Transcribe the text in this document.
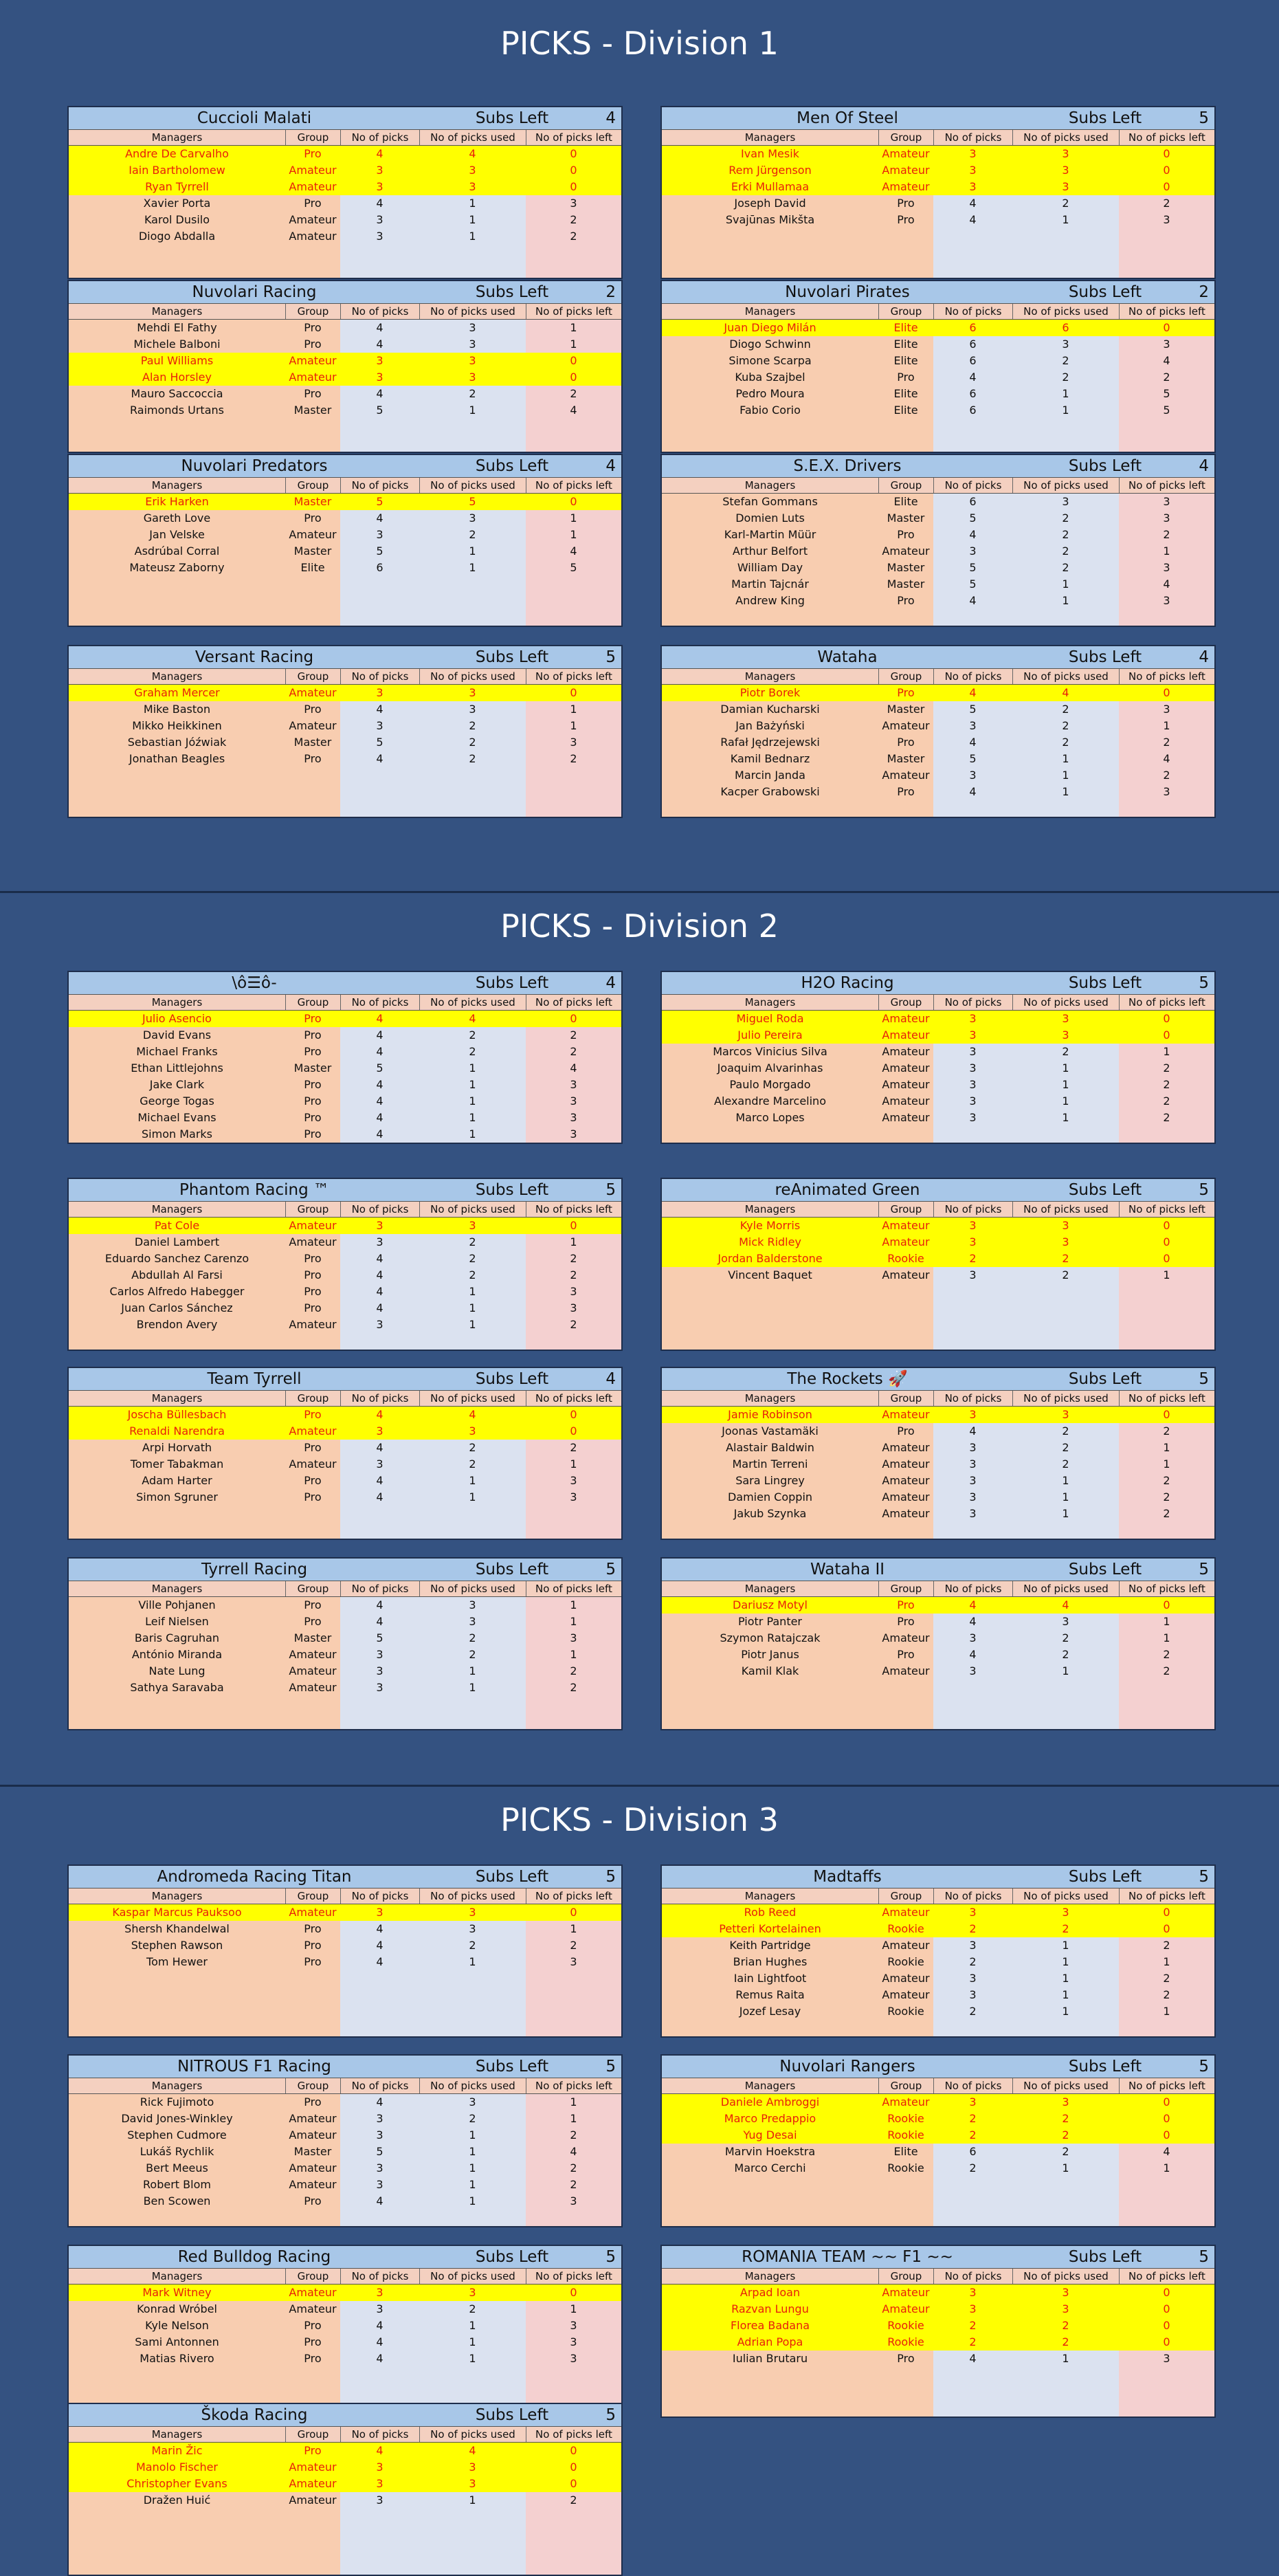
PICKS - Division 1
Cuccioli Malati	Subs Left	4
Managers	Group	No of picks	No of picks used	No of picks left
Andre De Carvalho	Pro	4	4	0
Iain Bartholomew	Amateur	3	3	0
Ryan Tyrrell	Amateur	3	3	0
Xavier Porta	Pro	4	1	3
Karol Dusilo	Amateur	3	1	2
Diogo Abdalla	Amateur	3	1	2
Men Of Steel	Subs Left	5
Managers	Group	No of picks	No of picks used	No of picks left
Ivan Mesik	Amateur	3	3	0
Rem Jürgenson	Amateur	3	3	0
Erki Mullamaa	Amateur	3	3	0
Joseph David	Pro	4	2	2
Svajūnas Mikšta	Pro	4	1	3
Nuvolari Racing	Subs Left	2
Managers	Group	No of picks	No of picks used	No of picks left
Mehdi El Fathy	Pro	4	3	1
Michele Balboni	Pro	4	3	1
Paul Williams	Amateur	3	3	0
Alan Horsley	Amateur	3	3	0
Mauro Saccoccia	Pro	4	2	2
Raimonds Urtans	Master	5	1	4
Nuvolari Pirates	Subs Left	2
Managers	Group	No of picks	No of picks used	No of picks left
Juan Diego Milán	Elite	6	6	0
Diogo Schwinn	Elite	6	3	3
Simone Scarpa	Elite	6	2	4
Kuba Szajbel	Pro	4	2	2
Pedro Moura	Elite	6	1	5
Fabio Corio	Elite	6	1	5
Nuvolari Predators	Subs Left	4
Managers	Group	No of picks	No of picks used	No of picks left
Erik Harken	Master	5	5	0
Gareth Love	Pro	4	3	1
Jan Velske	Amateur	3	2	1
Asdrúbal Corral	Master	5	1	4
Mateusz Zaborny	Elite	6	1	5
S.E.X. Drivers	Subs Left	4
Managers	Group	No of picks	No of picks used	No of picks left
Stefan Gommans	Elite	6	3	3
Domien Luts	Master	5	2	3
Karl-Martin Müür	Pro	4	2	2
Arthur Belfort	Amateur	3	2	1
William Day	Master	5	2	3
Martin Tajcnár	Master	5	1	4
Andrew King	Pro	4	1	3
Versant Racing	Subs Left	5
Managers	Group	No of picks	No of picks used	No of picks left
Graham Mercer	Amateur	3	3	0
Mike Baston	Pro	4	3	1
Mikko Heikkinen	Amateur	3	2	1
Sebastian Jóźwiak	Master	5	2	3
Jonathan Beagles	Pro	4	2	2
Wataha	Subs Left	4
Managers	Group	No of picks	No of picks used	No of picks left
Piotr Borek	Pro	4	4	0
Damian Kucharski	Master	5	2	3
Jan Bażyński	Amateur	3	2	1
Rafał Jędrzejewski	Pro	4	2	2
Kamil Bednarz	Master	5	1	4
Marcin Janda	Amateur	3	1	2
Kacper Grabowski	Pro	4	1	3
PICKS - Division 2
\ô☰ô-	Subs Left	4
Managers	Group	No of picks	No of picks used	No of picks left
Julio Asencio	Pro	4	4	0
David Evans	Pro	4	2	2
Michael Franks	Pro	4	2	2
Ethan Littlejohns	Master	5	1	4
Jake Clark	Pro	4	1	3
George Togas	Pro	4	1	3
Michael Evans	Pro	4	1	3
Simon Marks	Pro	4	1	3
H2O Racing	Subs Left	5
Managers	Group	No of picks	No of picks used	No of picks left
Miguel Roda	Amateur	3	3	0
Julio Pereira	Amateur	3	3	0
Marcos Vinicius Silva	Amateur	3	2	1
Joaquim Alvarinhas	Amateur	3	1	2
Paulo Morgado	Amateur	3	1	2
Alexandre Marcelino	Amateur	3	1	2
Marco Lopes	Amateur	3	1	2
Phantom Racing ™	Subs Left	5
Managers	Group	No of picks	No of picks used	No of picks left
Pat Cole	Amateur	3	3	0
Daniel Lambert	Amateur	3	2	1
Eduardo Sanchez Carenzo	Pro	4	2	2
Abdullah Al Farsi	Pro	4	2	2
Carlos Alfredo Habegger	Pro	4	1	3
Juan Carlos Sánchez	Pro	4	1	3
Brendon Avery	Amateur	3	1	2
reAnimated Green	Subs Left	5
Managers	Group	No of picks	No of picks used	No of picks left
Kyle Morris	Amateur	3	3	0
Mick Ridley	Amateur	3	3	0
Jordan Balderstone	Rookie	2	2	0
Vincent Baquet	Amateur	3	2	1
Team Tyrrell	Subs Left	4
Managers	Group	No of picks	No of picks used	No of picks left
Joscha Büllesbach	Pro	4	4	0
Renaldi Narendra	Amateur	3	3	0
Arpi Horvath	Pro	4	2	2
Tomer Tabakman	Amateur	3	2	1
Adam Harter	Pro	4	1	3
Simon Sgruner	Pro	4	1	3
The Rockets 🚀	Subs Left	5
Managers	Group	No of picks	No of picks used	No of picks left
Jamie Robinson	Amateur	3	3	0
Joonas Vastamäki	Pro	4	2	2
Alastair Baldwin	Amateur	3	2	1
Martin Terreni	Amateur	3	2	1
Sara Lingrey	Amateur	3	1	2
Damien Coppin	Amateur	3	1	2
Jakub Szynka	Amateur	3	1	2
Tyrrell Racing	Subs Left	5
Managers	Group	No of picks	No of picks used	No of picks left
Ville Pohjanen	Pro	4	3	1
Leif Nielsen	Pro	4	3	1
Baris Cagruhan	Master	5	2	3
António Miranda	Amateur	3	2	1
Nate Lung	Amateur	3	1	2
Sathya Saravaba	Amateur	3	1	2
Wataha II	Subs Left	5
Managers	Group	No of picks	No of picks used	No of picks left
Dariusz Motyl	Pro	4	4	0
Piotr Panter	Pro	4	3	1
Szymon Ratajczak	Amateur	3	2	1
Piotr Janus	Pro	4	2	2
Kamil Klak	Amateur	3	1	2
PICKS - Division 3
Andromeda Racing Titan	Subs Left	5
Managers	Group	No of picks	No of picks used	No of picks left
Kaspar Marcus Pauksoo	Amateur	3	3	0
Shersh Khandelwal	Pro	4	3	1
Stephen Rawson	Pro	4	2	2
Tom Hewer	Pro	4	1	3
Madtaffs	Subs Left	5
Managers	Group	No of picks	No of picks used	No of picks left
Rob Reed	Amateur	3	3	0
Petteri Kortelainen	Rookie	2	2	0
Keith Partridge	Amateur	3	1	2
Brian Hughes	Rookie	2	1	1
Iain Lightfoot	Amateur	3	1	2
Remus Raita	Amateur	3	1	2
Jozef Lesay	Rookie	2	1	1
NITROUS F1 Racing	Subs Left	5
Managers	Group	No of picks	No of picks used	No of picks left
Rick Fujimoto	Pro	4	3	1
David Jones-Winkley	Amateur	3	2	1
Stephen Cudmore	Amateur	3	1	2
Lukáš Rychlik	Master	5	1	4
Bert Meeus	Amateur	3	1	2
Robert Blom	Amateur	3	1	2
Ben Scowen	Pro	4	1	3
Nuvolari Rangers	Subs Left	5
Managers	Group	No of picks	No of picks used	No of picks left
Daniele Ambroggi	Amateur	3	3	0
Marco Predappio	Rookie	2	2	0
Yug Desai	Rookie	2	2	0
Marvin Hoekstra	Elite	6	2	4
Marco Cerchi	Rookie	2	1	1
Red Bulldog Racing	Subs Left	5
Managers	Group	No of picks	No of picks used	No of picks left
Mark Witney	Amateur	3	3	0
Konrad Wróbel	Amateur	3	2	1
Kyle Nelson	Pro	4	1	3
Sami Antonnen	Pro	4	1	3
Matias Rivero	Pro	4	1	3
ROMANIA TEAM ~~ F1 ~~	Subs Left	5
Managers	Group	No of picks	No of picks used	No of picks left
Arpad Ioan	Amateur	3	3	0
Razvan Lungu	Amateur	3	3	0
Florea Badana	Rookie	2	2	0
Adrian Popa	Rookie	2	2	0
Iulian Brutaru	Pro	4	1	3
Škoda Racing	Subs Left	5
Managers	Group	No of picks	No of picks used	No of picks left
Marin Žic	Pro	4	4	0
Manolo Fischer	Amateur	3	3	0
Christopher Evans	Amateur	3	3	0
Dražen Huić	Amateur	3	1	2
